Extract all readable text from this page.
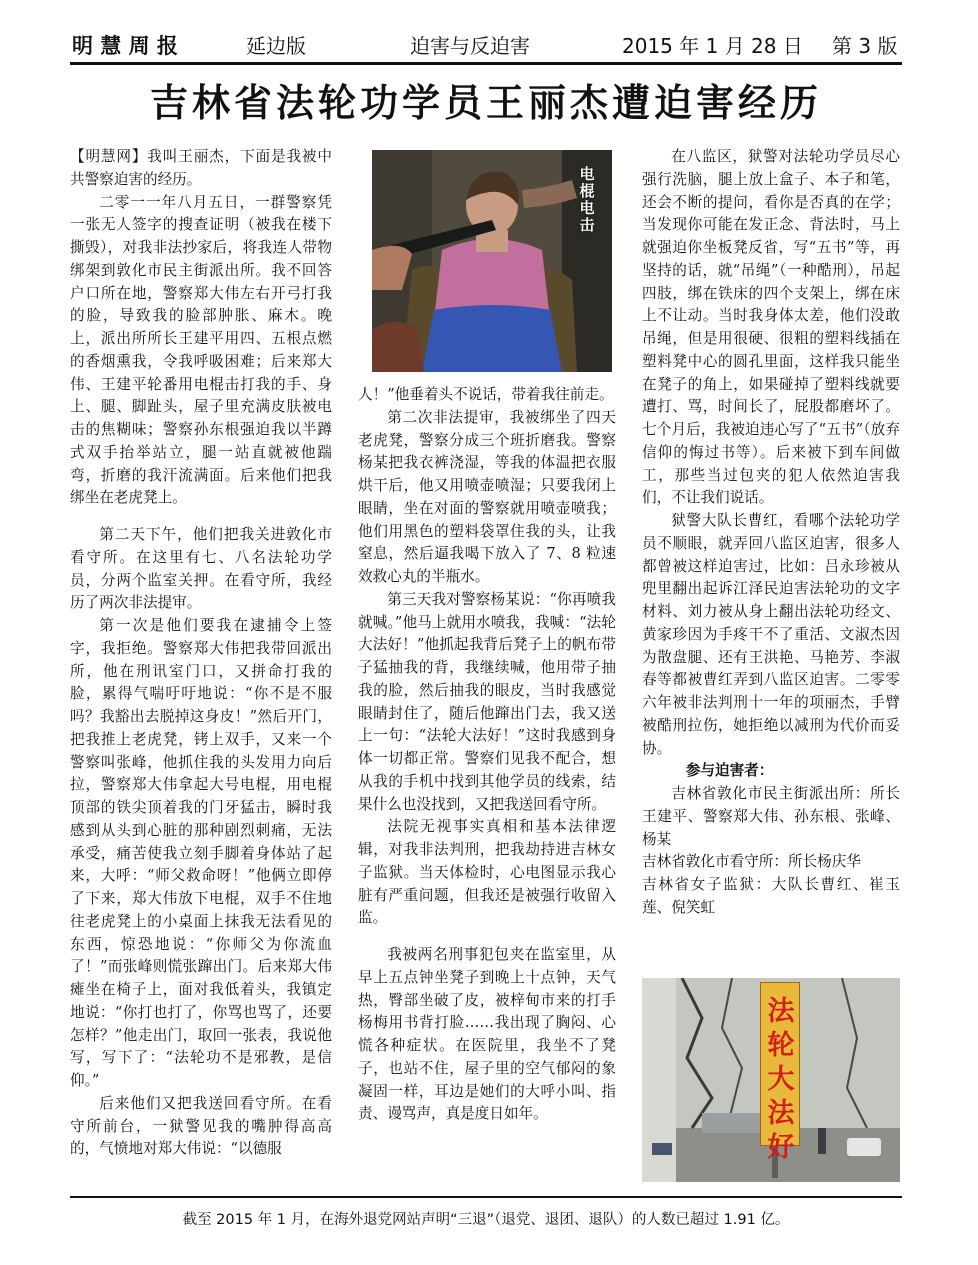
明 慧 周 报	延边版	迫害与反迫害	2015 年 1 月 28 日 第 3 版
吉林省法轮功学员王丽杰遭迫害经历

【明慧网】我叫王丽杰，下面是我被中共警察迫害的经历。

二零一一年八月五日，一群警察凭一张无人签字的搜查证明（被我在楼下撕毁），对我非法抄家后，将我连人带物绑架到敦化市民主街派出所。我不回答户口所在地，警察郑大伟左右开弓打我的脸，导致我的脸部肿胀、麻木。晚上，派出所所长王建平用四、五根点燃的香烟熏我，令我呼吸困难；后来郑大伟、王建平轮番用电棍击打我的手、身上、腿、脚趾头，屋子里充满皮肤被电击的焦糊味；警察孙东根强迫我以半蹲式双手抬举站立，腿一站直就被他踹弯，折磨的我汗流满面。后来他们把我绑坐在老虎凳上。

第二天下午，他们把我关进敦化市看守所。在这里有七、八名法轮功学员，分两个监室关押。在看守所，我经历了两次非法提审。

第一次是他们要我在逮捕令上签字，我拒绝。警察郑大伟把我带回派出所，他在刑讯室门口，又拼命打我的脸，累得气喘吁吁地说：“你不是不服吗？我豁出去脱掉这身皮！”然后开门，把我推上老虎凳，铐上双手，又来一个警察叫张峰，他抓住我的头发用力向后拉，警察郑大伟拿起大号电棍，用电棍顶部的铁尖顶着我的门牙猛击，瞬时我感到从头到心脏的那种剧烈刺痛，无法承受，痛苦使我立刻手脚着身体站了起来，大呼：“师父救命呀！”他俩立即停了下来，郑大伟放下电棍，双手不住地往老虎凳上的小桌面上抹我无法看见的东西，惊恐地说：“你师父为你流血了！”而张峰则慌张蹿出门。后来郑大伟瘫坐在椅子上，面对我低着头，我镇定地说：“你打也打了，你骂也骂了，还要怎样？”他走出门，取回一张表，我说他写，写下了：“法轮功不是邪教，是信仰。”

后来他们又把我送回看守所。在看守所前台，一狱警见我的嘴肿得高高的，气愤地对郑大伟说：“以德服

电棍电击

人！”他垂着头不说话，带着我往前走。

第二次非法提审，我被绑坐了四天老虎凳，警察分成三个班折磨我。警察杨某把我衣裤浇湿，等我的体温把衣服烘干后，他又用喷壶喷湿；只要我闭上眼睛，坐在对面的警察就用喷壶喷我；他们用黑色的塑料袋罩住我的头，让我窒息，然后逼我喝下放入了 7、8 粒速效救心丸的半瓶水。

第三天我对警察杨某说：“你再喷我就喊。”他马上就用水喷我，我喊：“法轮大法好！”他抓起我背后凳子上的帆布带子猛抽我的背，我继续喊，他用带子抽我的脸，然后抽我的眼皮，当时我感觉眼睛封住了，随后他蹿出门去，我又送上一句：“法轮大法好！”这时我感到身体一切都正常。警察们见我不配合，想从我的手机中找到其他学员的线索，结果什么也没找到，又把我送回看守所。

法院无视事实真相和基本法律逻辑，对我非法判刑，把我劫持进吉林女子监狱。当天体检时，心电图显示我心脏有严重问题，但我还是被强行收留入监。

我被两名刑事犯包夹在监室里，从早上五点钟坐凳子到晚上十点钟，天气热，臀部坐破了皮，被梓甸市来的打手杨梅用书背打脸……我出现了胸闷、心慌各种症状。在医院里，我坐不了凳子，也站不住，屋子里的空气郁闷的象凝固一样，耳边是她们的大呼小叫、指责、谩骂声，真是度日如年。

在八监区，狱警对法轮功学员尽心强行洗脑，腿上放上盒子、本子和笔，还会不断的提问，看你是否真的在学；当发现你可能在发正念、背法时，马上就强迫你坐板凳反省，写“五书”等，再坚持的话，就“吊绳”（一种酷刑），吊起四肢，绑在铁床的四个支架上，绑在床上不让动。当时我身体太差，他们没敢吊绳，但是用很硬、很粗的塑料线插在塑料凳中心的圆孔里面，这样我只能坐在凳子的角上，如果碰掉了塑料线就要遭打、骂，时间长了，屁股都磨坏了。七个月后，我被迫违心写了“五书”（放弃信仰的悔过书等）。后来被下到车间做工，那些当过包夹的犯人依然迫害我们，不让我们说话。

狱警大队长曹红，看哪个法轮功学员不顺眼，就弄回八监区迫害，很多人都曾被这样迫害过，比如：吕永珍被从兜里翻出起诉江泽民迫害法轮功的文字材料、刘力被从身上翻出法轮功经文、黄家珍因为手疼干不了重活、文淑杰因为散盘腿、还有王洪艳、马艳芳、李淑春等都被曹红弄到八监区迫害。二零零六年被非法判刑十一年的项丽杰，手臂被酷刑拉伤，她拒绝以减刑为代价而妥协。

参与迫害者：

吉林省敦化市民主街派出所：所长王建平、警察郑大伟、孙东根、张峰、杨某

吉林省敦化市看守所：所长杨庆华

吉林省女子监狱：大队长曹红、崔玉莲、倪笑虹

法轮大法好
截至 2015 年 1 月，在海外退党网站声明“三退”（退党、退团、退队）的人数已超过 1.91 亿。
